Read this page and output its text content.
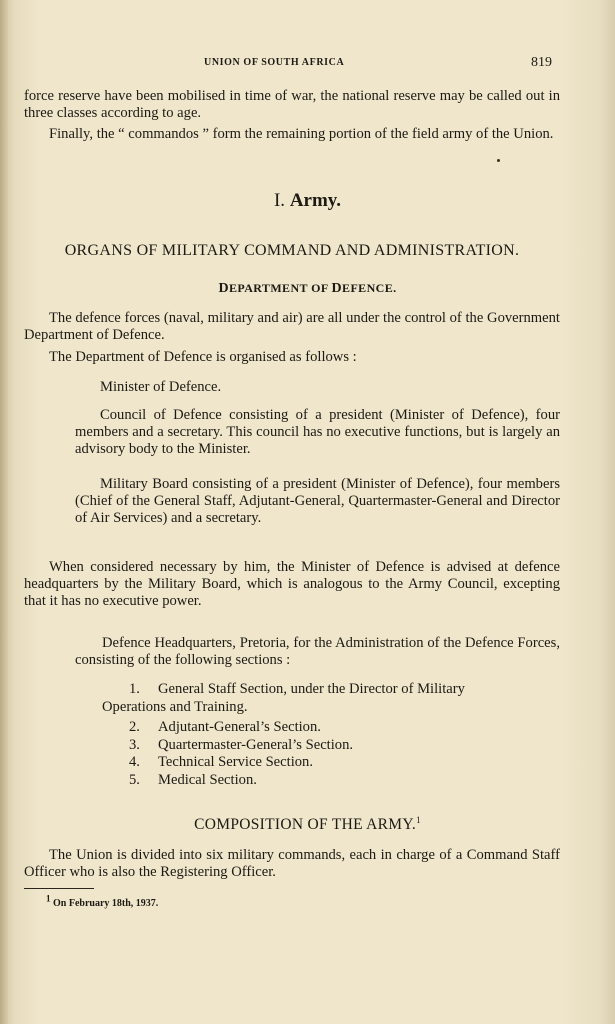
UNION OF SOUTH AFRICA	819
force reserve have been mobilised in time of war, the national reserve may be called out in three classes according to age.
Finally, the “ commandos ” form the remaining portion of the field army of the Union.
I. Army.
ORGANS OF MILITARY COMMAND AND ADMINISTRATION.
DEPARTMENT OF DEFENCE.
The defence forces (naval, military and air) are all under the control of the Government Department of Defence.
The Department of Defence is organised as follows :
Minister of Defence.
Council of Defence consisting of a president (Minister of Defence), four members and a secretary. This council has no executive functions, but is largely an advisory body to the Minister.
Military Board consisting of a president (Minister of Defence), four members (Chief of the General Staff, Adjutant-General, Quartermaster-General and Director of Air Services) and a secretary.
When considered necessary by him, the Minister of Defence is advised at defence headquarters by the Military Board, which is analogous to the Army Council, excepting that it has no executive power.
Defence Headquarters, Pretoria, for the Administration of the Defence Forces, consisting of the following sections :
1.	General Staff Section, under the Director of Military
Operations and Training.
2.	Adjutant-General’s Section.
3.	Quartermaster-General’s Section.
4.	Technical Service Section.
5.	Medical Section.
COMPOSITION OF THE ARMY.$^1$
The Union is divided into six military commands, each in charge of a Command Staff Officer who is also the Registering Officer.
1 On February 18th, 1937.
